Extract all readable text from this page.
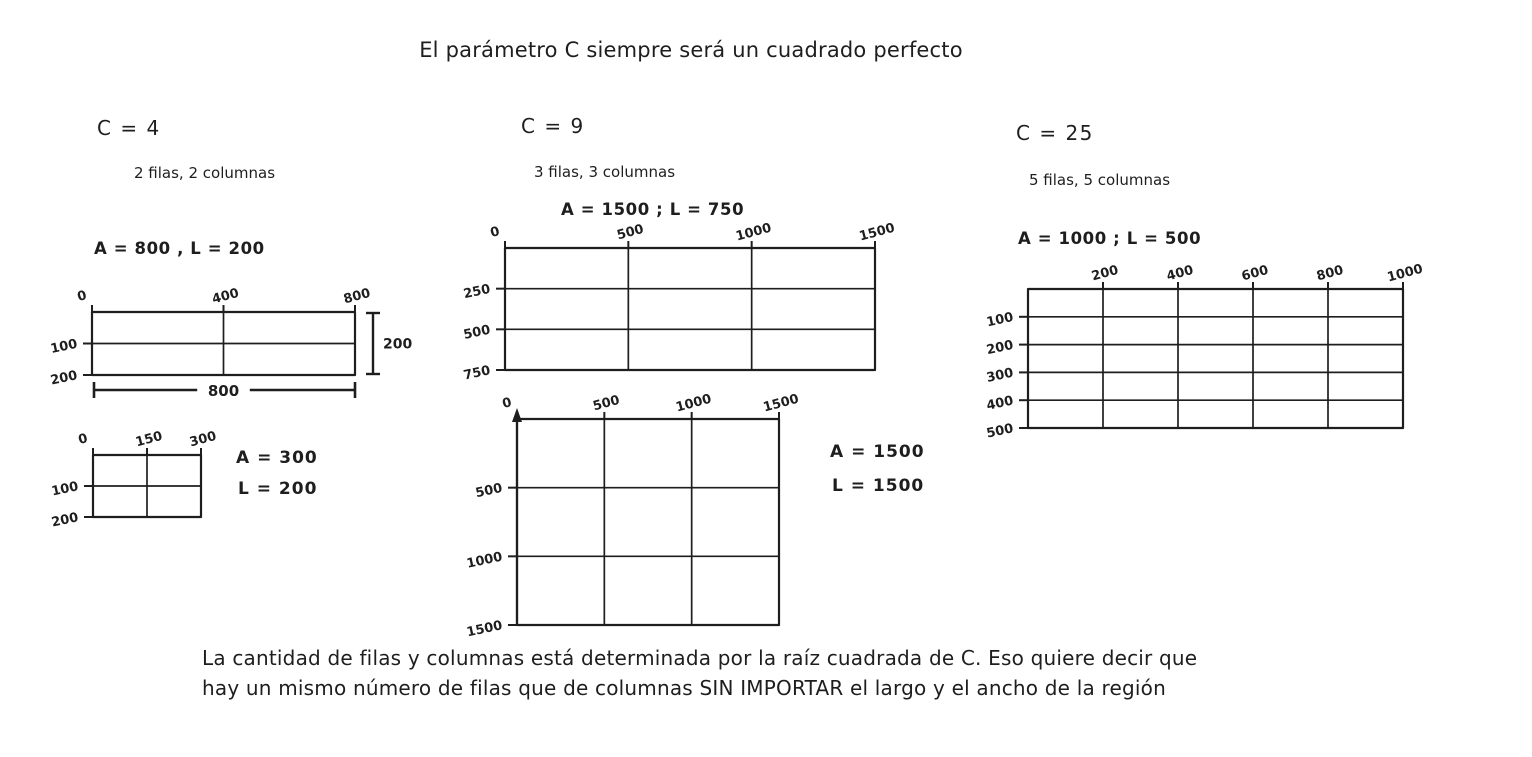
El parámetro C siempre será un cuadrado perfecto
C = 4
2 filas, 2 columnas
A = 800 , L = 200
C = 9
3 filas, 3 columnas
A = 1500 ; L = 750
C = 25
5 filas, 5 columnas
A = 1000 ; L = 500
0	400	800
100
200
200
800
0	150 300
100
200
0	500	1000	1500
250
500
750
0	500	1000	1500
500
1000
1500
200	400	600	800	1000
100
200
300
400
500
A = 300
L = 200
A = 1500
L = 1500
La cantidad de filas y columnas está determinada por la raíz cuadrada de C. Eso quiere decir que
hay un mismo número de filas que de columnas SIN IMPORTAR el largo y el ancho de la región
